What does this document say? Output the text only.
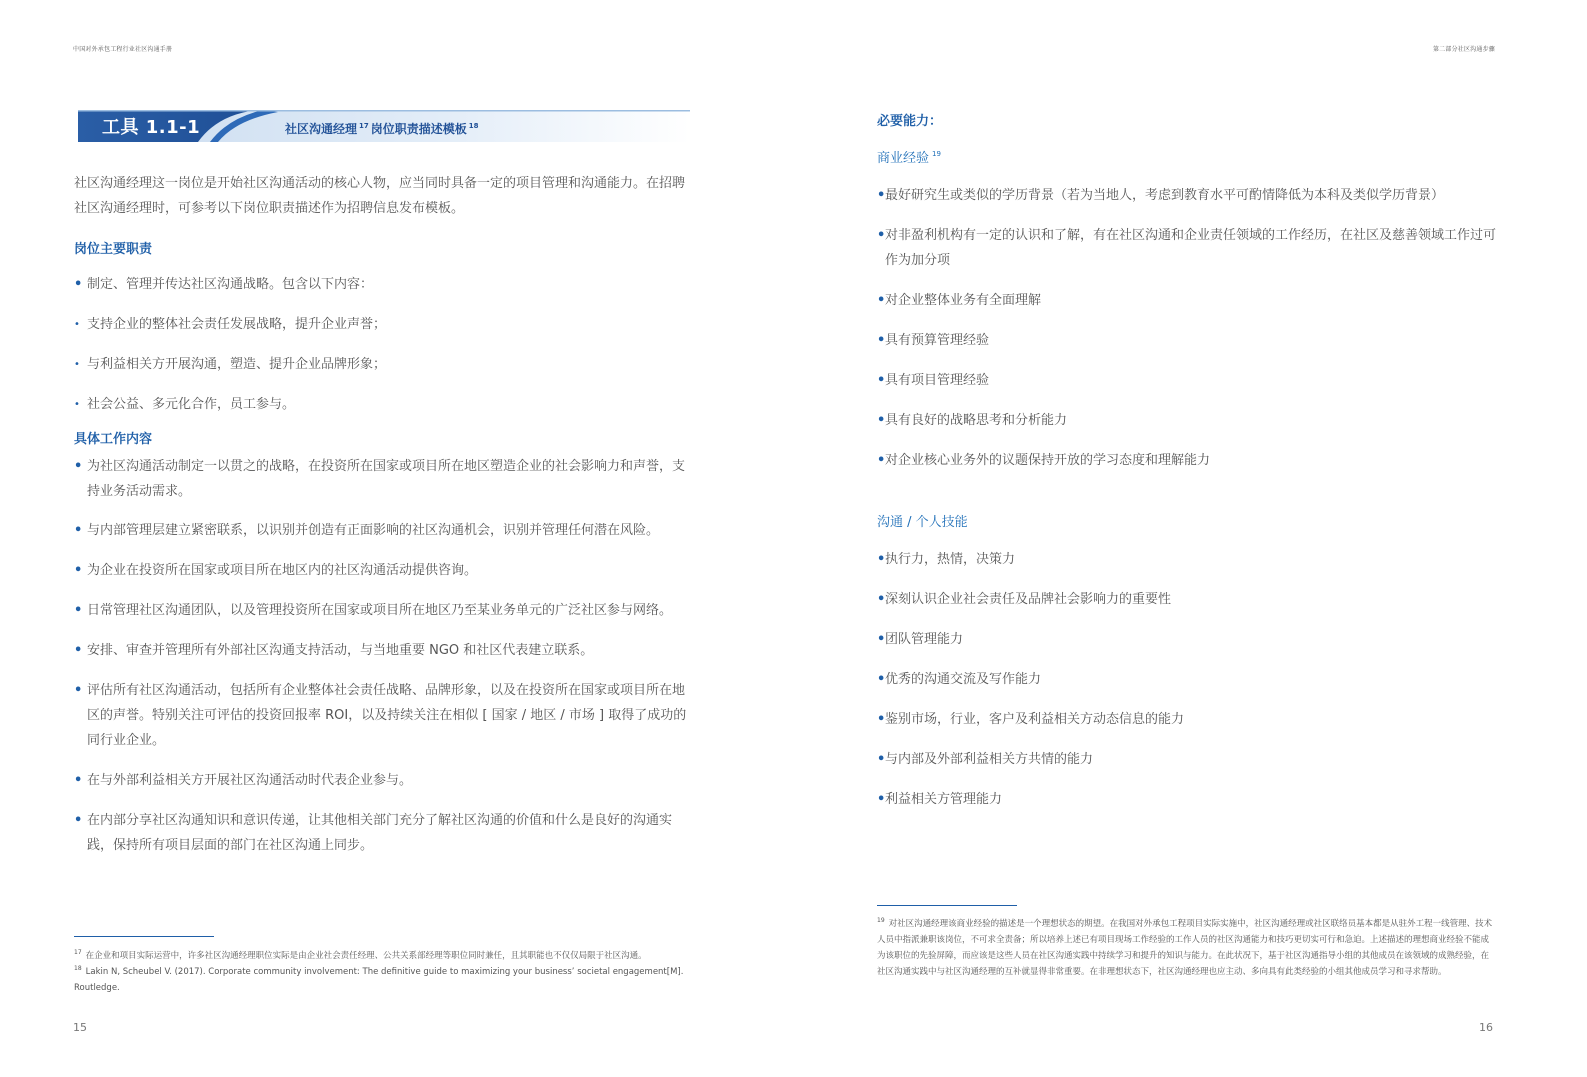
中国对外承包工程行业社区沟通手册
工具 1.1-1	社区沟通经理 $^{17}$ 岗位职责描述模板 $^{18}$
社区沟通经理这一岗位是开始社区沟通活动的核心人物，应当同时具备一定的项目管理和沟通能力。在招聘社区沟通经理时，可参考以下岗位职责描述作为招聘信息发布模板。
岗位主要职责
• 制定、管理并传达社区沟通战略。包含以下内容：
• 支持企业的整体社会责任发展战略，提升企业声誉；
• 与利益相关方开展沟通，塑造、提升企业品牌形象；
• 社会公益、多元化合作，员工参与。
具体工作内容
• 为社区沟通活动制定一以贯之的战略，在投资所在国家或项目所在地区塑造企业的社会影响力和声誉，支持业务活动需求。
• 与内部管理层建立紧密联系，以识别并创造有正面影响的社区沟通机会，识别并管理任何潜在风险。
• 为企业在投资所在国家或项目所在地区内的社区沟通活动提供咨询。
• 日常管理社区沟通团队，以及管理投资所在国家或项目所在地区乃至某业务单元的广泛社区参与网络。
• 安排、审查并管理所有外部社区沟通支持活动，与当地重要 NGO 和社区代表建立联系。
• 评估所有社区沟通活动，包括所有企业整体社会责任战略、品牌形象，以及在投资所在国家或项目所在地区的声誉。特别关注可评估的投资回报率 ROI，以及持续关注在相似 [ 国家 / 地区 / 市场 ] 取得了成功的同行业企业。
• 在与外部利益相关方开展社区沟通活动时代表企业参与。
• 在内部分享社区沟通知识和意识传递，让其他相关部门充分了解社区沟通的价值和什么是良好的沟通实践，保持所有项目层面的部门在社区沟通上同步。
$^{17}$ 在企业和项目实际运营中，许多社区沟通经理职位实际是由企业社会责任经理、公共关系部经理等职位同时兼任，且其职能也不仅仅局限于社区沟通。
$^{18}$ Lakin N, Scheubel V. (2017). Corporate community involvement: The definitive guide to maximizing your business’ societal engagement[M]. Routledge.
15
第二部分社区沟通步骤
必要能力：
商业经验 $^{19}$
• 最好研究生或类似的学历背景（若为当地人，考虑到教育水平可酌情降低为本科及类似学历背景）
• 对非盈利机构有一定的认识和了解，有在社区沟通和企业责任领域的工作经历，在社区及慈善领域工作过可作为加分项
• 对企业整体业务有全面理解
• 具有预算管理经验
• 具有项目管理经验
• 具有良好的战略思考和分析能力
• 对企业核心业务外的议题保持开放的学习态度和理解能力
沟通 / 个人技能
• 执行力，热情，决策力
• 深刻认识企业社会责任及品牌社会影响力的重要性
• 团队管理能力
• 优秀的沟通交流及写作能力
• 鉴别市场，行业，客户及利益相关方动态信息的能力
• 与内部及外部利益相关方共情的能力
• 利益相关方管理能力
$^{19}$ 对社区沟通经理该商业经验的描述是一个理想状态的期望。在我国对外承包工程项目实际实施中，社区沟通经理或社区联络员基本都是从驻外工程一线管理、技术人员中指派兼职该岗位，不可求全责备；所以培养上述已有项目现场工作经验的工作人员的社区沟通能力和技巧更切实可行和急迫。上述描述的理想商业经验不能成为该职位的先验屏障，而应该是这些人员在社区沟通实践中持续学习和提升的知识与能力。在此状况下，基于社区沟通指导小组的其他成员在该领域的成熟经验，在社区沟通实践中与社区沟通经理的互补就显得非常重要。在非理想状态下，社区沟通经理也应主动、多向具有此类经验的小组其他成员学习和寻求帮助。
16
